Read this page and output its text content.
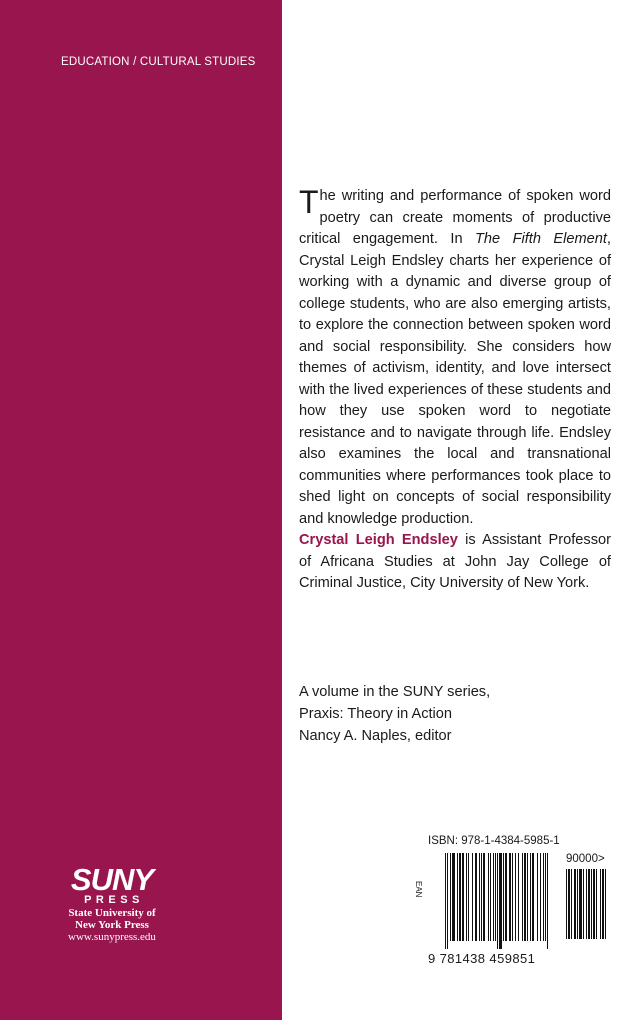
EDUCATION / CULTURAL STUDIES

The writing and performance of spoken word poetry can create moments of productive critical engagement. In The Fifth Element, Crystal Leigh Endsley charts her experience of working with a dynamic and diverse group of college students, who are also emerging artists, to explore the connection between spoken word and social responsibility. She considers how themes of activism, identity, and love intersect with the lived experiences of these students and how they use spoken word to negotiate resistance and to navigate through life. Endsley also examines the local and transnational communities where performances took place to shed light on concepts of social responsibility and knowledge production.

Crystal Leigh Endsley is Assistant Professor of Africana Studies at John Jay College of Criminal Justice, City University of New York.
A volume in the SUNY series,
Praxis: Theory in Action
Nancy A. Naples, editor
SUNY
PRESS
State University of
New York Press
www.sunypress.edu
ISBN: 978-1-4384-5985-1
EAN
90000>
9 781438 459851
